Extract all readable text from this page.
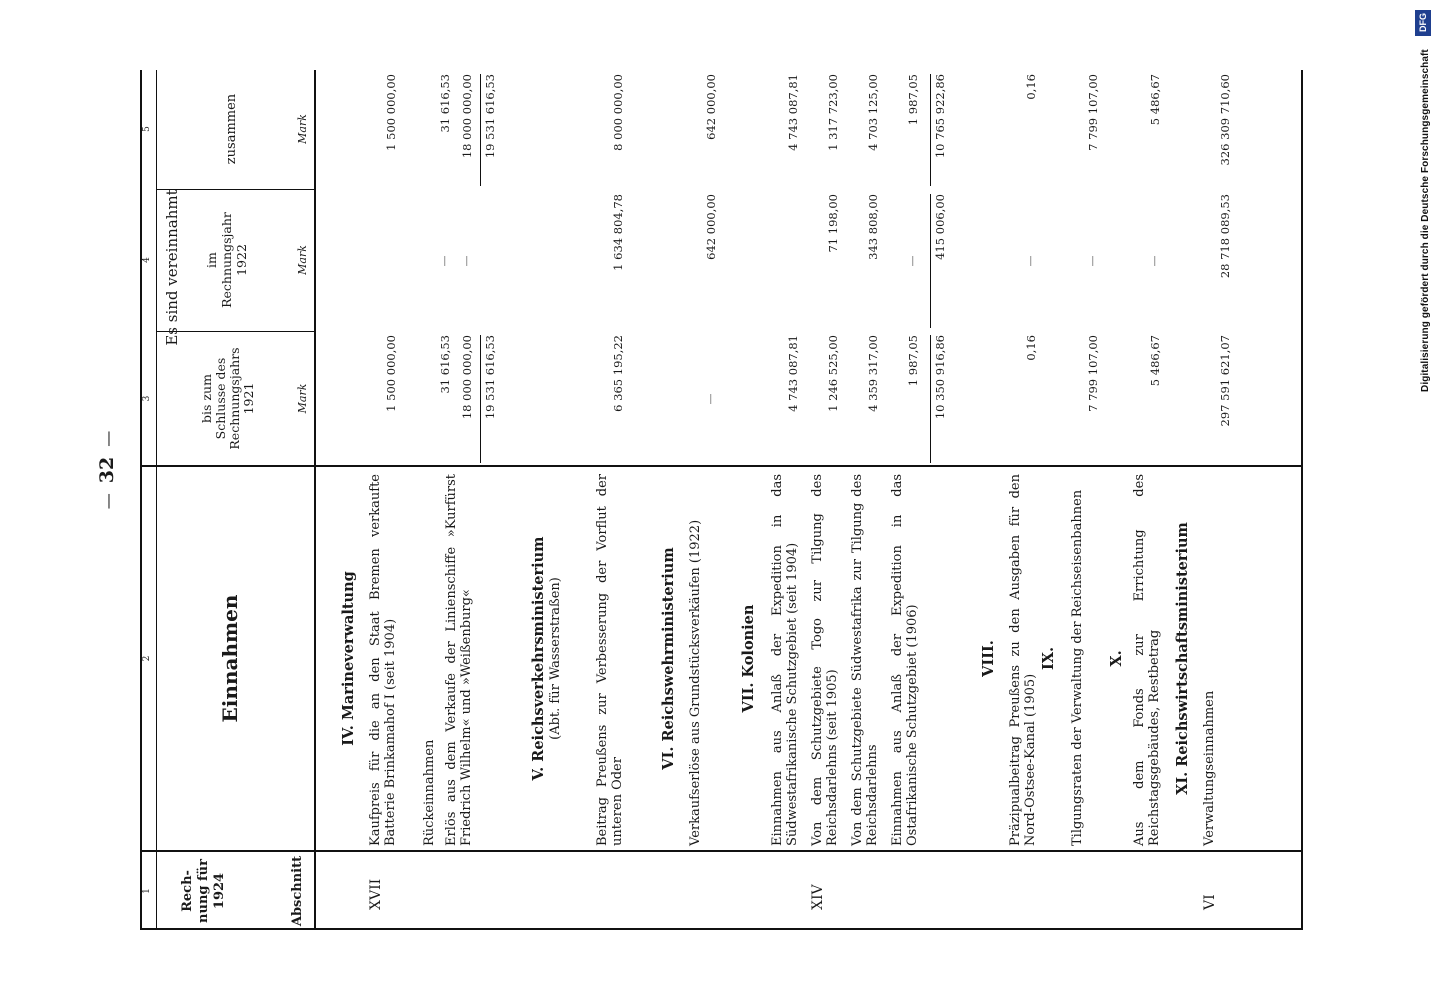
—
32
—
DFG
Digitalisierung gefördert durch die Deutsche Forschungsgemeinschaft
1
2
3
4
5
Rech-
nung für
1924	Abschnitt
Einnahmen
Es sind vereinnahmt
bis zum
Schlusse des
Rechnungsjahrs
1921
im
Rechnungsjahr
1922
zusammen
Mark
Mark
Mark
IV. Marineverwaltung Kaufpreis für die an den Staat Bremen verkaufte Batterie Brinkamahof I (seit 1904)
XVII
1 500 000,00
1 500 000,00
Rückeinnahmen
31 616,53
—
31 616,53
Erlös aus dem Verkaufe der Linienschiffe »Kurfürst Friedrich Wilhelm« und »Weißenburg«
18 000 000,00
—
18 000 000,00
19 531 616,53
19 531 616,53
V. Reichsverkehrsministerium (Abt. für Wasserstraßen) Beitrag Preußens zur Verbesserung der Vorflut der unteren Oder
6 365 195,22
1 634 804,78
8 000 000,00
VI. Reichswehrministerium Verkaufserlöse aus Grundstücksverkäufen (1922)
—
642 000,00
642 000,00
VII. Kolonien Einnahmen aus Anlaß der Expedition in das Südwestafrikanische Schutzgebiet (seit 1904)
4 743 087,81
4 743 087,81
Von dem Schutzgebiete Togo zur Tilgung des Reichsdarlehns (seit 1905)
XIV
1 246 525,00
71 198,00
1 317 723,00
Von dem Schutzgebiete Südwestafrika zur Tilgung des Reichsdarlehns
4 359 317,00
343 808,00
4 703 125,00
Einnahmen aus Anlaß der Expedition in das Ostafrikanische Schutzgebiet (1906)
1 987,05
—
1 987,05
10 350 916,86
415 006,00
10 765 922,86
VIII. Präzipualbeitrag Preußens zu den Ausgaben für den Nord-Ostsee-Kanal (1905)
0,16
—
0,16
IX. Tilgungsraten der Verwaltung der Reichseisenbahnen
7 799 107,00
—
7 799 107,00
X. Aus dem Fonds zur Errichtung des Reichstagsgebäudes, Restbetrag
5 486,67
—
5 486,67
XI. Reichswirtschaftsministerium Verwaltungseinnahmen
VI
297 591 621,07
28 718 089,53
326 309 710,60
